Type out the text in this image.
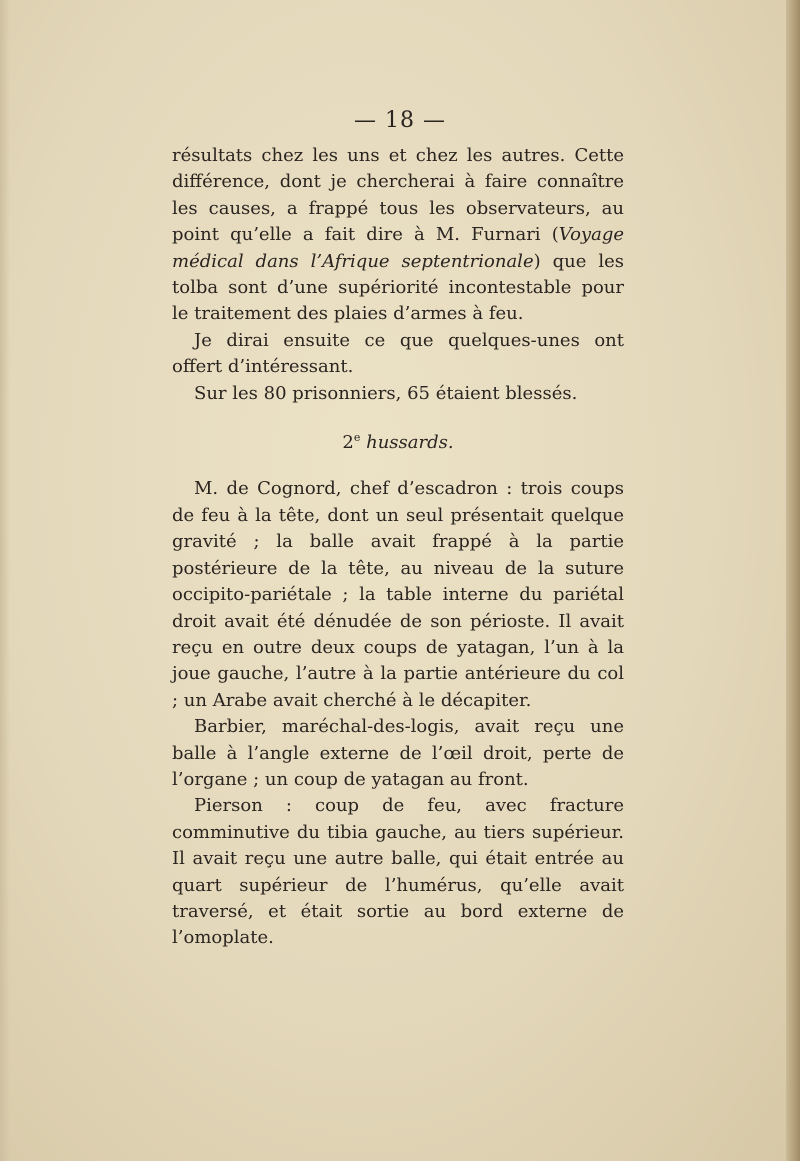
— 18 —

résultats chez les uns et chez les autres. Cette différence, dont je chercherai à faire connaître les causes, a frappé tous les observateurs, au point qu’elle a fait dire à M. Furnari (Voyage médical dans l’Afrique septentrionale) que les tolba sont d’une supériorité incontestable pour le traitement des plaies d’armes à feu.

Je dirai ensuite ce que quelques-unes ont offert d’intéressant.

Sur les 80 prisonniers, 65 étaient blessés.

2e hussards.

M. de Cognord, chef d’escadron : trois coups de feu à la tête, dont un seul présentait quelque gravité ; la balle avait frappé à la partie postérieure de la tête, au niveau de la suture occipito-pariétale ; la table interne du pariétal droit avait été dénudée de son périoste. Il avait reçu en outre deux coups de yatagan, l’un à la joue gauche, l’autre à la partie antérieure du col ; un Arabe avait cherché à le décapiter.

Barbier, maréchal-des-logis, avait reçu une balle à l’angle externe de l’œil droit, perte de l’organe ; un coup de yatagan au front.

Pierson : coup de feu, avec fracture comminutive du tibia gauche, au tiers supérieur. Il avait reçu une autre balle, qui était entrée au quart supérieur de l’humérus, qu’elle avait traversé, et était sortie au bord externe de l’omoplate.
